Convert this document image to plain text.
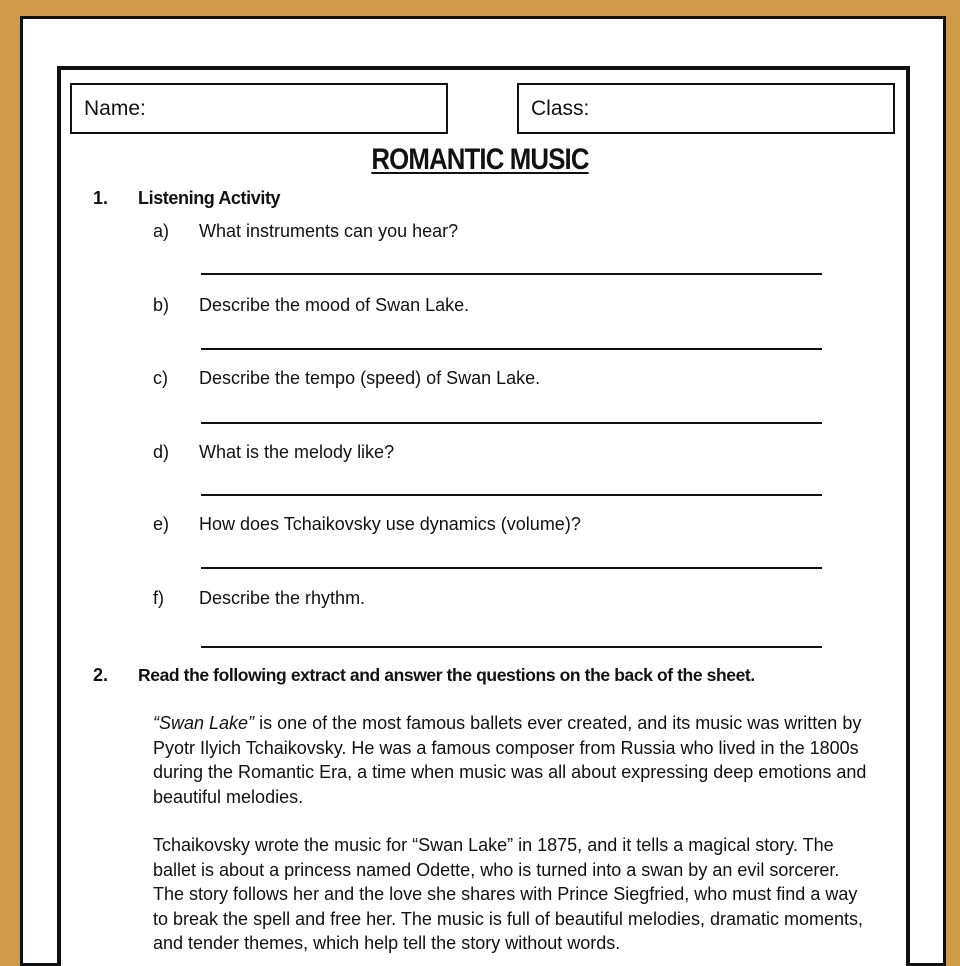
Name:	Class:
ROMANTIC MUSIC
1. Listening Activity
a) What instruments can you hear?
b) Describe the mood of Swan Lake.
c) Describe the tempo (speed) of Swan Lake.
d) What is the melody like?
e) How does Tchaikovsky use dynamics (volume)?
f) Describe the rhythm.
2. Read the following extract and answer the questions on the back of the sheet.

“Swan Lake” is one of the most famous ballets ever created, and its music was written by Pyotr Ilyich Tchaikovsky. He was a famous composer from Russia who lived in the 1800s during the Romantic Era, a time when music was all about expressing deep emotions and beautiful melodies.

Tchaikovsky wrote the music for “Swan Lake” in 1875, and it tells a magical story. The ballet is about a princess named Odette, who is turned into a swan by an evil sorcerer. The story follows her and the love she shares with Prince Siegfried, who must find a way to break the spell and free her. The music is full of beautiful melodies, dramatic moments, and tender themes, which help tell the story without words.
